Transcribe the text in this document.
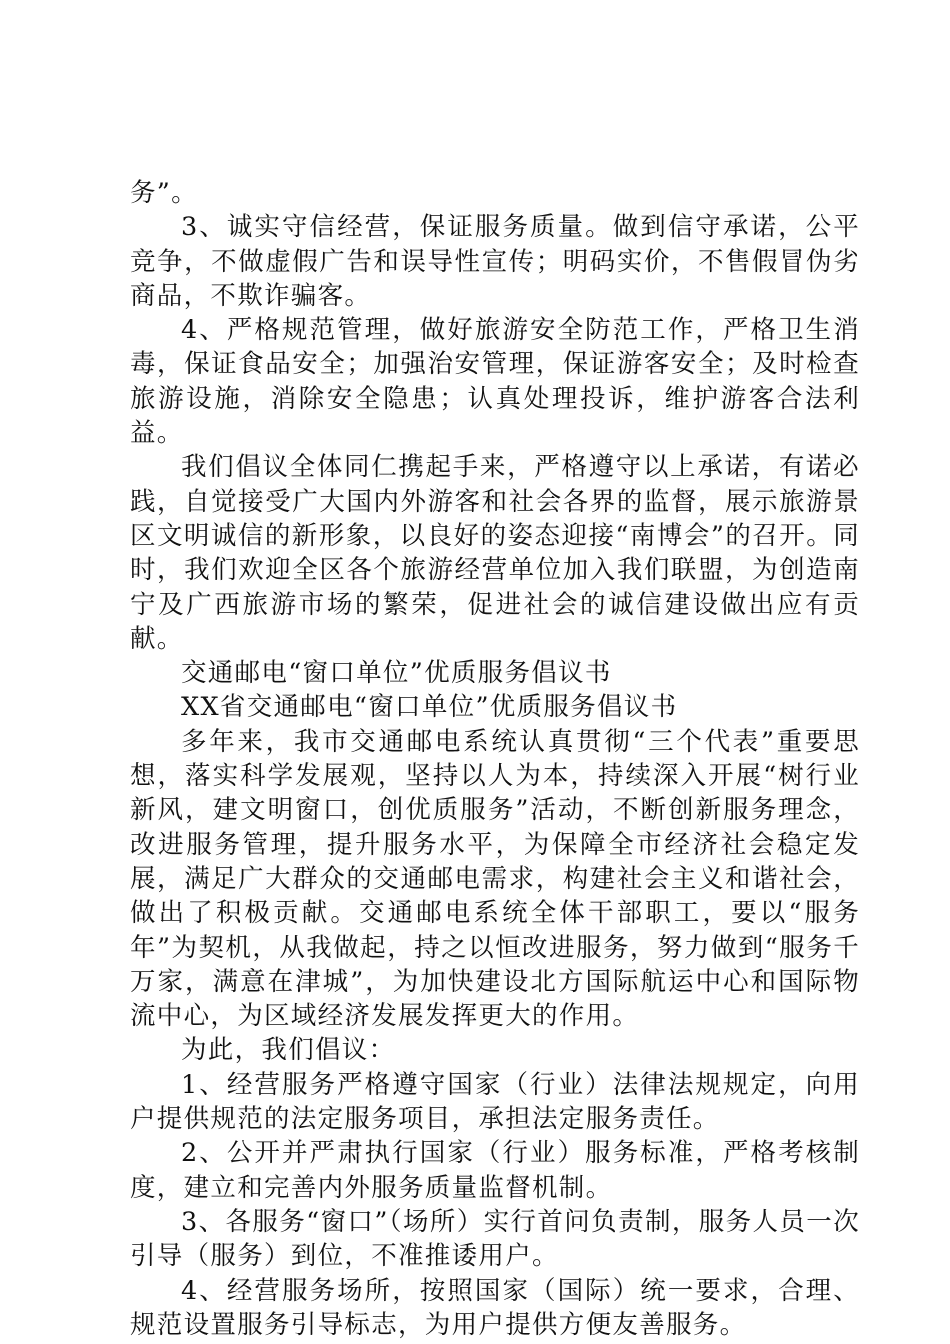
务”。

3、诚实守信经营，保证服务质量。做到信守承诺，公平竞争，不做虚假广告和误导性宣传；明码实价，不售假冒伪劣商品，不欺诈骗客。

4、严格规范管理，做好旅游安全防范工作，严格卫生消毒，保证食品安全；加强治安管理，保证游客安全；及时检查旅游设施，消除安全隐患；认真处理投诉，维护游客合法利益。

我们倡议全体同仁携起手来，严格遵守以上承诺，有诺必践，自觉接受广大国内外游客和社会各界的监督，展示旅游景区文明诚信的新形象，以良好的姿态迎接“南博会”的召开。同时，我们欢迎全区各个旅游经营单位加入我们联盟，为创造南宁及广西旅游市场的繁荣，促进社会的诚信建设做出应有贡献。

交通邮电“窗口单位”优质服务倡议书

XX省交通邮电“窗口单位”优质服务倡议书

多年来，我市交通邮电系统认真贯彻“三个代表”重要思想，落实科学发展观，坚持以人为本，持续深入开展“树行业新风，建文明窗口，创优质服务”活动，不断创新服务理念，改进服务管理，提升服务水平，为保障全市经济社会稳定发展，满足广大群众的交通邮电需求，构建社会主义和谐社会，做出了积极贡献。交通邮电系统全体干部职工，要以“服务年”为契机，从我做起，持之以恒改进服务，努力做到“服务千万家，满意在津城”，为加快建设北方国际航运中心和国际物流中心，为区域经济发展发挥更大的作用。

为此，我们倡议：

1、经营服务严格遵守国家（行业）法律法规规定，向用户提供规范的法定服务项目，承担法定服务责任。

2、公开并严肃执行国家（行业）服务标准，严格考核制度，建立和完善内外服务质量监督机制。

3、各服务“窗口”（场所）实行首问负责制，服务人员一次引导（服务）到位，不准推诿用户。

4、经营服务场所，按照国家（国际）统一要求，合理、规范设置服务引导标志，为用户提供方便友善服务。
